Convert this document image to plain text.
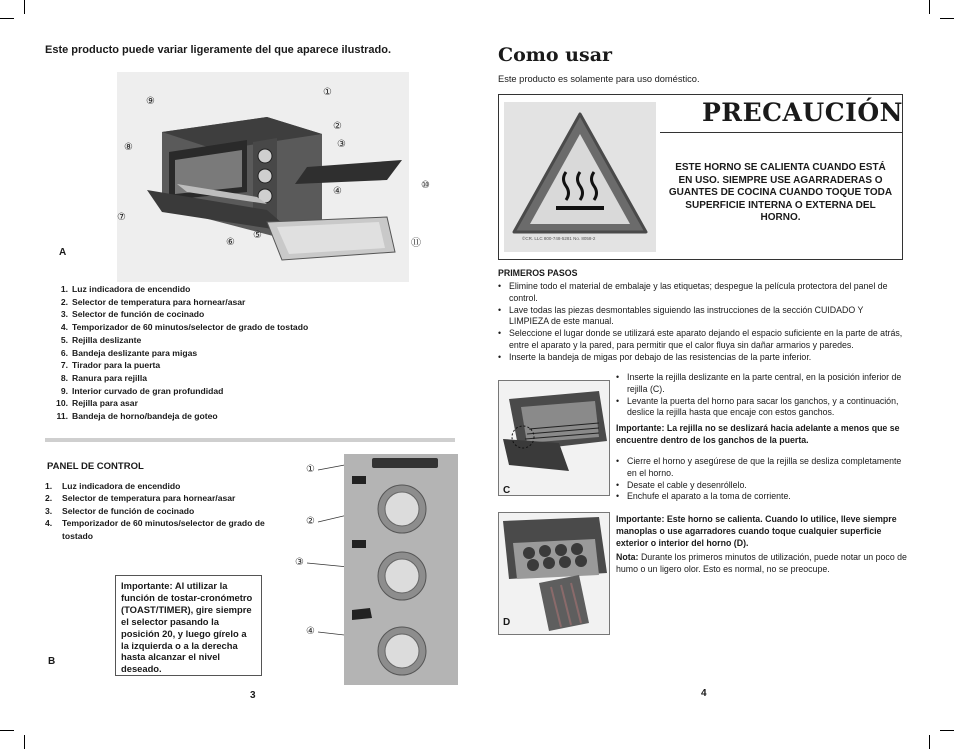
Este producto puede variar ligeramente del que aparece ilustrado.
A
⑨
①
②
③
⑧
④
⑩
⑦
⑤
⑥	⑪
1. Luz indicadora de encendido
2. Selector de temperatura para hornear/asar
3. Selector de función de cocinado
4. Temporizador de 60 minutos/selector de grado de tostado
5. Rejilla deslizante
6. Bandeja deslizante para migas
7. Tirador para la puerta
8. Ranura para rejilla
9. Interior curvado de gran profundidad
10. Rejilla para asar
11. Bandeja de horno/bandeja de goteo
PANEL DE CONTROL
1.	Luz indicadora de encendido
2.	Selector de temperatura para hornear/asar
3.	Selector de función de cocinado
4.	Temporizador de 60 minutos/selector de grado de tostado
Importante: Al utilizar la función de tostar-cronómetro (TOAST/TIMER), gire siempre el selector pasando la posición 20, y luego gírelo a la izquierda o a la derecha hasta alcanzar el nivel deseado.
B
①
②
③
④
3
Como usar
Este producto es solamente para uso doméstico.
©CR. LLC 800-748-5281 No. 8058-2
PRECAUCIÓN
ESTE HORNO SE CALIENTA CUANDO ESTÁ EN USO. SIEMPRE USE AGARRADERAS O GUANTES DE COCINA CUANDO TOQUE TODA SUPERFICIE INTERNA O EXTERNA DEL HORNO.
PRIMEROS PASOS
• Elimine todo el material de embalaje y las etiquetas; despegue la película protectora del panel de control.
• Lave todas las piezas desmontables siguiendo las instrucciones de la sección CUIDADO Y LIMPIEZA de este manual.
• Seleccione el lugar donde se utilizará este aparato dejando el espacio suficiente en la parte de atrás, entre el aparato y la pared, para permitir que el calor fluya sin dañar armarios y paredes.
• Inserte la bandeja de migas por debajo de las resistencias de la parte inferior.
C
• Inserte la rejilla deslizante en la parte central, en la posición inferior de rejilla (C).
• Levante la puerta del horno para sacar los ganchos, y a continuación, deslice la rejilla hasta que encaje con estos ganchos.
Importante: La rejilla no se deslizará hacia adelante a menos que se encuentre dentro de los ganchos de la puerta.
• Cierre el horno y asegúrese de que la rejilla se desliza completamente en el horno.
• Desate el cable y desenróllelo.
• Enchufe el aparato a la toma de corriente.
D
Importante: Este horno se calienta. Cuando lo utilice, lleve siempre manoplas o use agarradores cuando toque cualquier superficie exterior o interior del horno (D).
Nota: Durante los primeros minutos de utilización, puede notar un poco de humo o un ligero olor. Esto es normal, no se preocupe.
4
